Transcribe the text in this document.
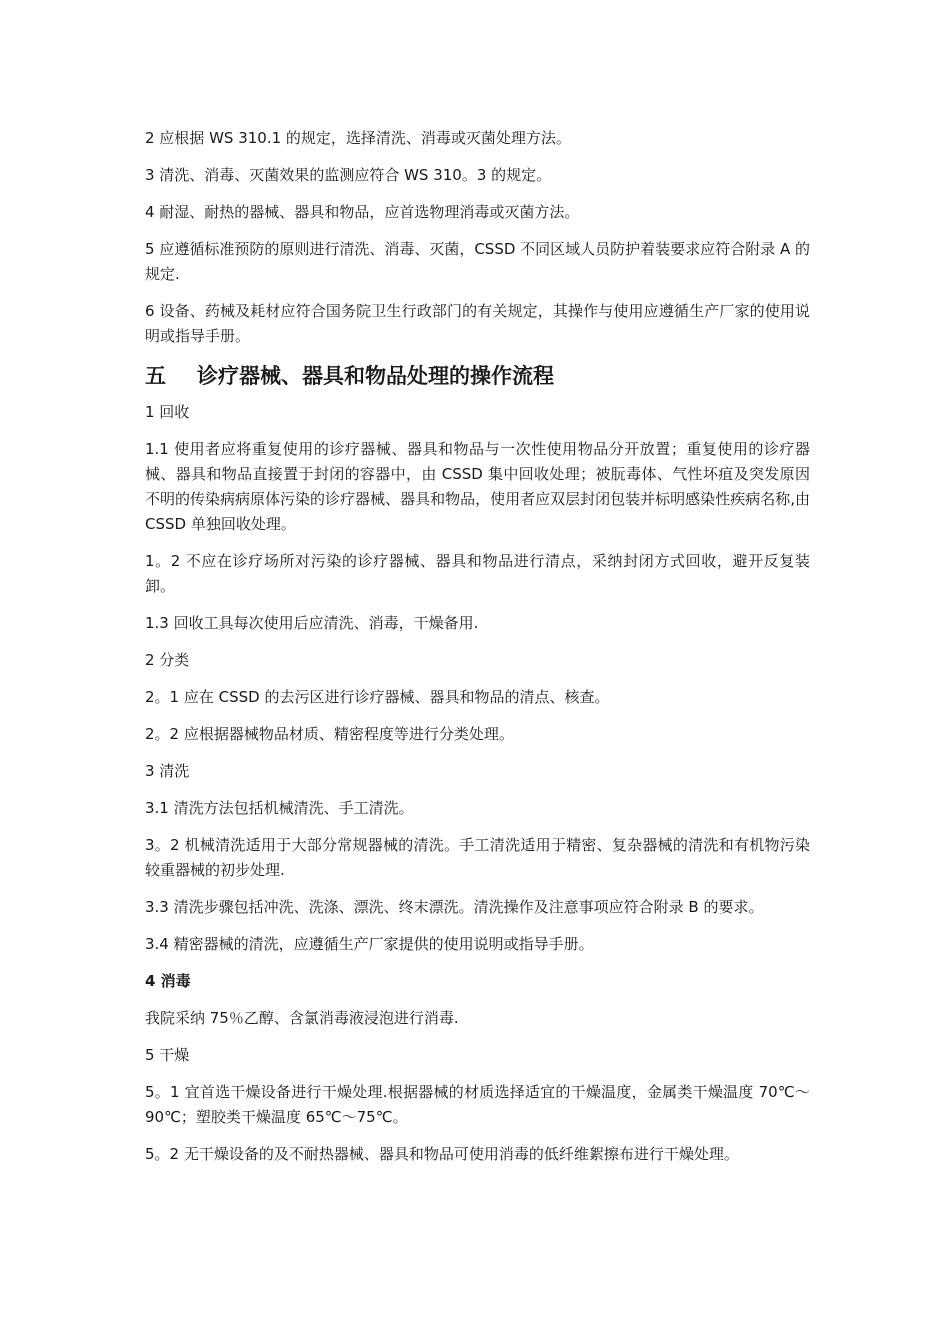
2 应根据 WS 310.1 的规定，选择清洗、消毒或灭菌处理方法。

3 清洗、消毒、灭菌效果的监测应符合 WS 310。3 的规定。

4 耐湿、耐热的器械、器具和物品，应首选物理消毒或灭菌方法。

5 应遵循标准预防的原则进行清洗、消毒、灭菌，CSSD 不同区域人员防护着装要求应符合附录 A 的规定.

6 设备、药械及耗材应符合国务院卫生行政部门的有关规定，其操作与使用应遵循生产厂家的使用说明或指导手册。

五 诊疗器械、器具和物品处理的操作流程

1 回收

1.1 使用者应将重复使用的诊疗器械、器具和物品与一次性使用物品分开放置；重复使用的诊疗器械、器具和物品直接置于封闭的容器中，由 CSSD 集中回收处理；被朊毒体、气性坏疽及突发原因不明的传染病病原体污染的诊疗器械、器具和物品，使用者应双层封闭包装并标明感染性疾病名称,由 CSSD 单独回收处理。

1。2 不应在诊疗场所对污染的诊疗器械、器具和物品进行清点，采纳封闭方式回收，避开反复装卸。

1.3 回收工具每次使用后应清洗、消毒，干燥备用.

2 分类

2。1 应在 CSSD 的去污区进行诊疗器械、器具和物品的清点、核查。

2。2 应根据器械物品材质、精密程度等进行分类处理。

3 清洗

3.1 清洗方法包括机械清洗、手工清洗。

3。2 机械清洗适用于大部分常规器械的清洗。手工清洗适用于精密、复杂器械的清洗和有机物污染较重器械的初步处理.

3.3 清洗步骤包括冲洗、洗涤、漂洗、终末漂洗。清洗操作及注意事项应符合附录 B 的要求。

3.4 精密器械的清洗，应遵循生产厂家提供的使用说明或指导手册。

4 消毒

我院采纳 75％乙醇、含氯消毒液浸泡进行消毒.

5 干燥

5。1 宜首选干燥设备进行干燥处理.根据器械的材质选择适宜的干燥温度，金属类干燥温度 70℃～90℃；塑胶类干燥温度 65℃～75℃。

5。2 无干燥设备的及不耐热器械、器具和物品可使用消毒的低纤维絮擦布进行干燥处理。
